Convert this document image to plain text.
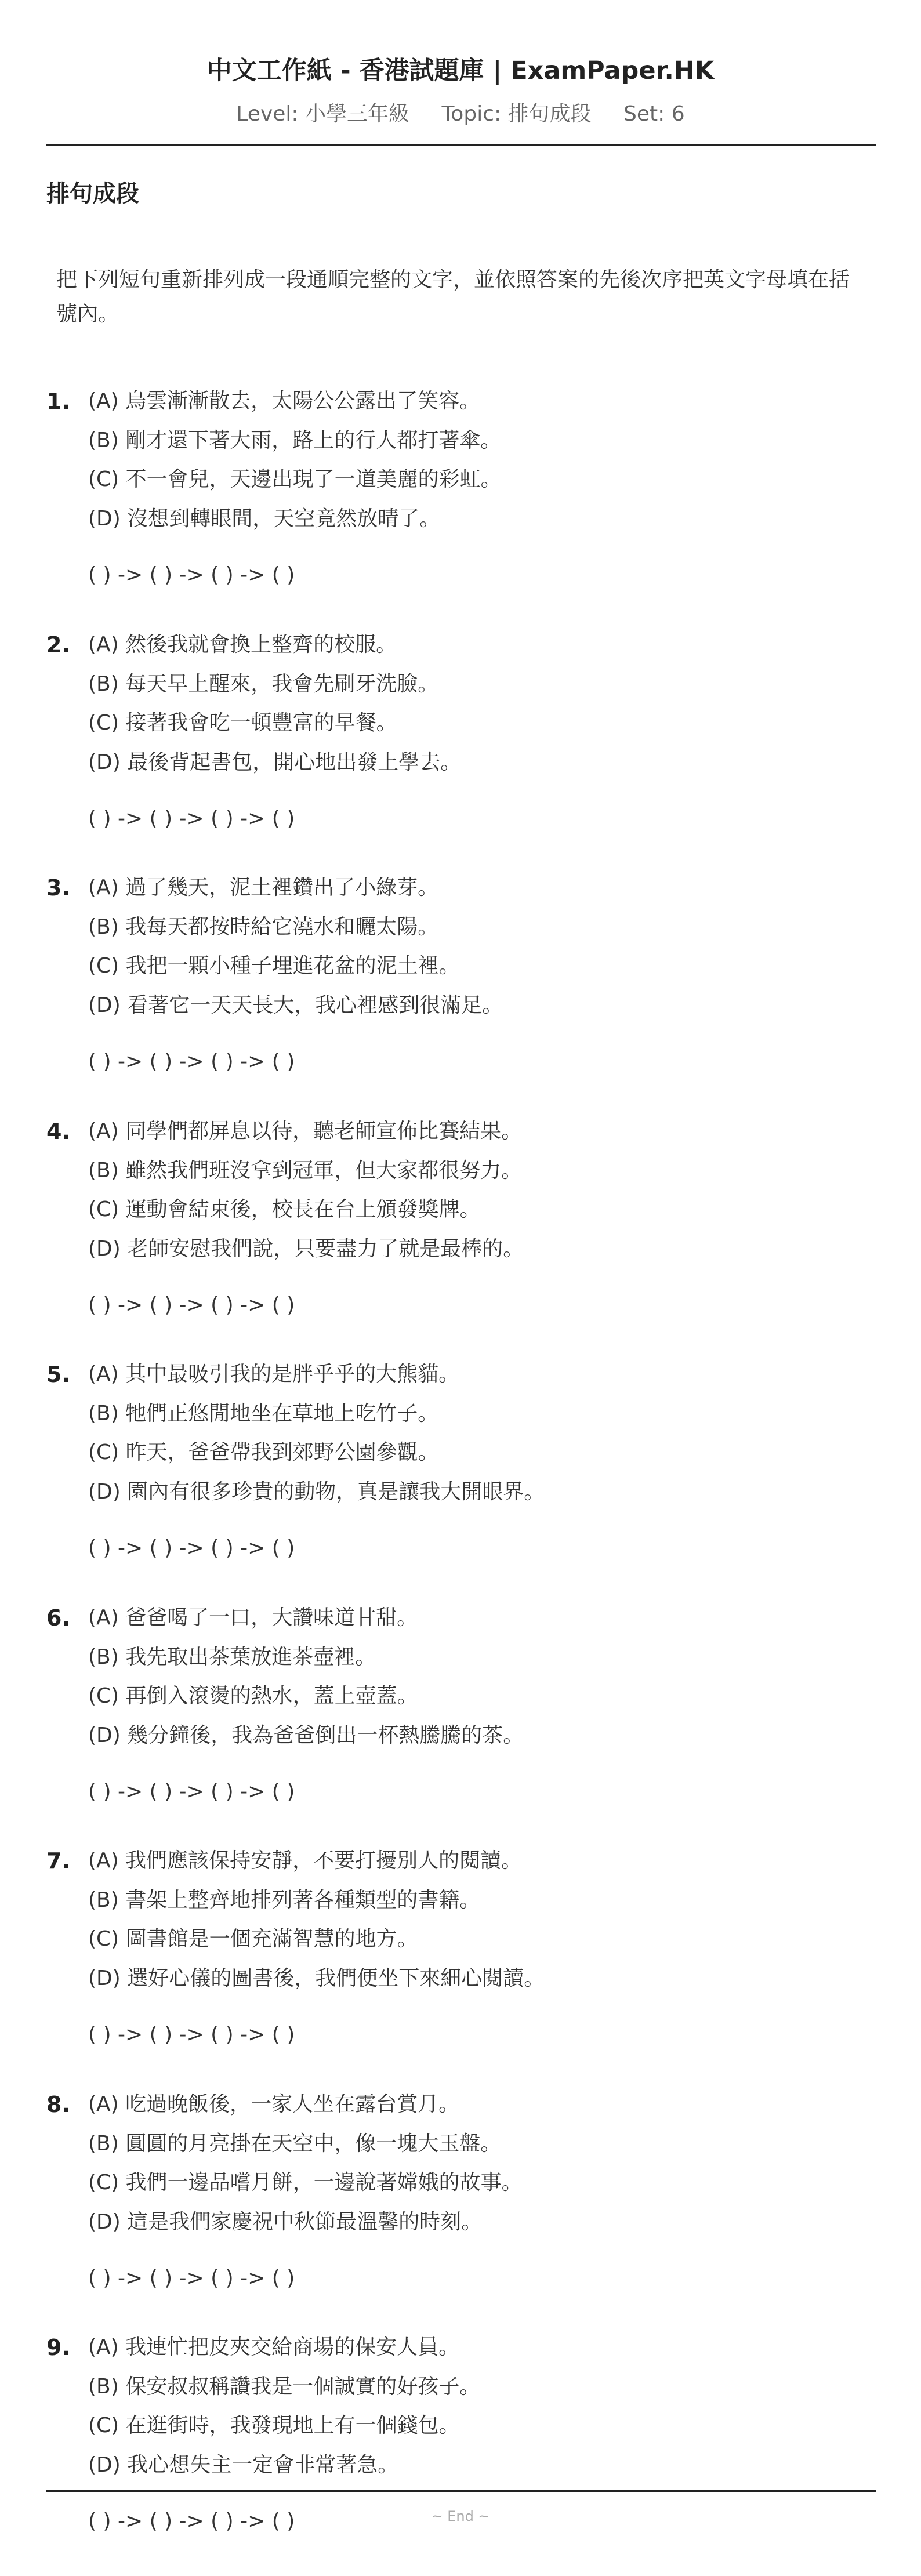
中文工作紙 - 香港試題庫 | ExamPaper.HK
Level: 小學三年級 Topic: 排句成段 Set: 6
排句成段

把下列短句重新排列成一段通順完整的文字，並依照答案的先後次序把英文字母填在括號內。

1. (A) 烏雲漸漸散去，太陽公公露出了笑容。
(B) 剛才還下著大雨，路上的行人都打著傘。
(C) 不一會兒，天邊出現了一道美麗的彩虹。
(D) 沒想到轉眼間，天空竟然放晴了。
( ) -> ( ) -> ( ) -> ( )
2. (A) 然後我就會換上整齊的校服。
(B) 每天早上醒來，我會先刷牙洗臉。
(C) 接著我會吃一頓豐富的早餐。
(D) 最後背起書包，開心地出發上學去。
( ) -> ( ) -> ( ) -> ( )
3. (A) 過了幾天，泥土裡鑽出了小綠芽。
(B) 我每天都按時給它澆水和曬太陽。
(C) 我把一顆小種子埋進花盆的泥土裡。
(D) 看著它一天天長大，我心裡感到很滿足。
( ) -> ( ) -> ( ) -> ( )
4. (A) 同學們都屏息以待，聽老師宣佈比賽結果。
(B) 雖然我們班沒拿到冠軍，但大家都很努力。
(C) 運動會結束後，校長在台上頒發獎牌。
(D) 老師安慰我們說，只要盡力了就是最棒的。
( ) -> ( ) -> ( ) -> ( )
5. (A) 其中最吸引我的是胖乎乎的大熊貓。
(B) 牠們正悠閒地坐在草地上吃竹子。
(C) 昨天，爸爸帶我到郊野公園參觀。
(D) 園內有很多珍貴的動物，真是讓我大開眼界。
( ) -> ( ) -> ( ) -> ( )
6. (A) 爸爸喝了一口，大讚味道甘甜。
(B) 我先取出茶葉放進茶壺裡。
(C) 再倒入滾燙的熱水，蓋上壺蓋。
(D) 幾分鐘後，我為爸爸倒出一杯熱騰騰的茶。
( ) -> ( ) -> ( ) -> ( )
7. (A) 我們應該保持安靜，不要打擾別人的閱讀。
(B) 書架上整齊地排列著各種類型的書籍。
(C) 圖書館是一個充滿智慧的地方。
(D) 選好心儀的圖書後，我們便坐下來細心閱讀。
( ) -> ( ) -> ( ) -> ( )
8. (A) 吃過晚飯後，一家人坐在露台賞月。
(B) 圓圓的月亮掛在天空中，像一塊大玉盤。
(C) 我們一邊品嚐月餅，一邊說著嫦娥的故事。
(D) 這是我們家慶祝中秋節最溫馨的時刻。
( ) -> ( ) -> ( ) -> ( )
9. (A) 我連忙把皮夾交給商場的保安人員。
(B) 保安叔叔稱讚我是一個誠實的好孩子。
(C) 在逛街時，我發現地上有一個錢包。
(D) 我心想失主一定會非常著急。
( ) -> ( ) -> ( ) -> ( )	~ End ~
